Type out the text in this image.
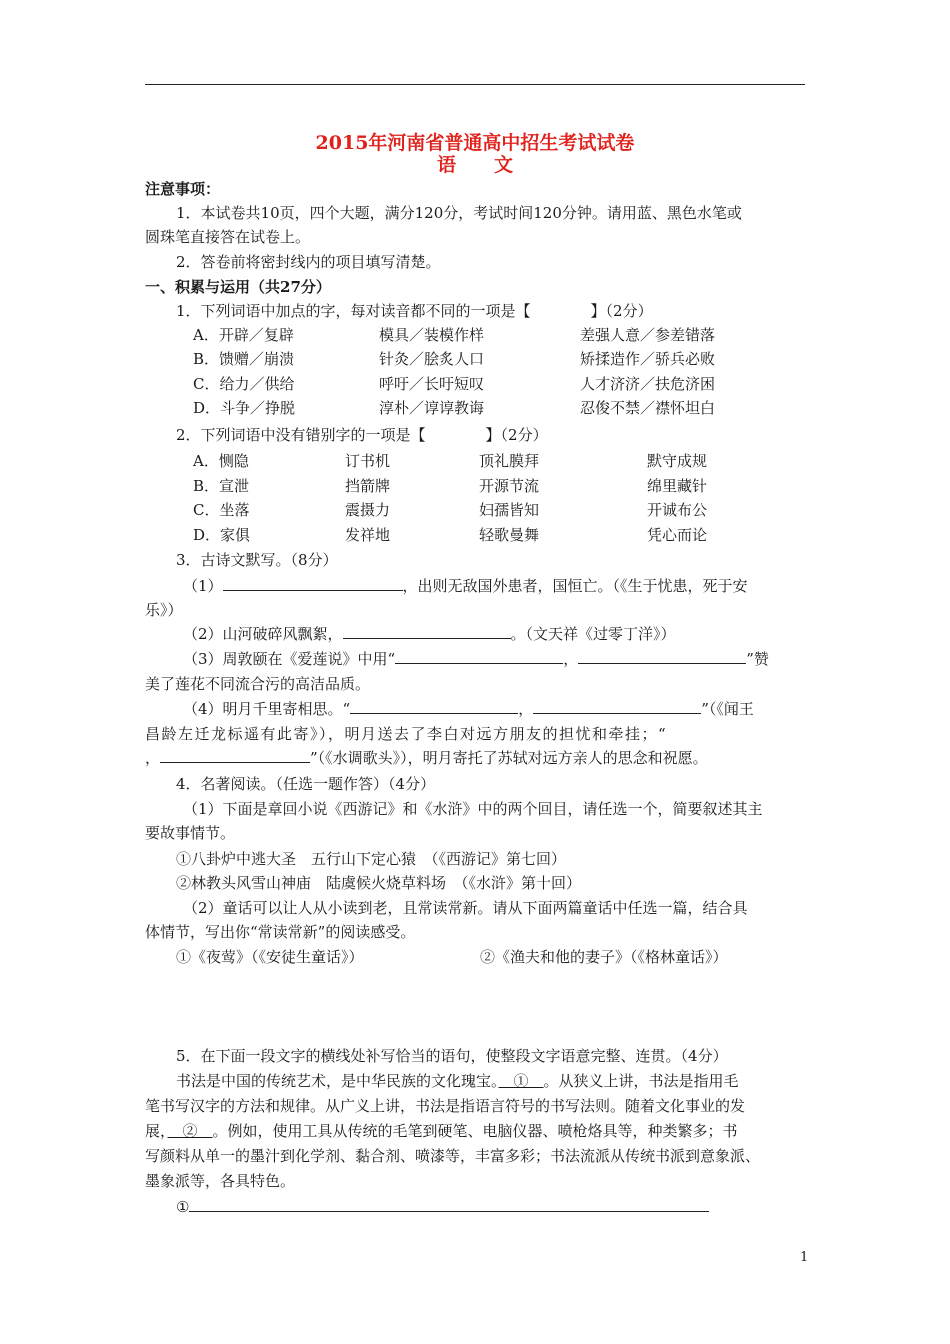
2015年河南省普通高中招生考试试卷
语　　文
注意事项：
1．本试卷共10页，四个大题，满分120分，考试时间120分钟。请用蓝、黑色水笔或
圆珠笔直接答在试卷上。
2．答卷前将密封线内的项目填写清楚。
一、积累与运用（共27分）
1．下列词语中加点的字，每对读音都不同的一项是【	】（2分）
A．开辟／复辟	模具／装模作样	差强人意／参差错落
B．馈赠／崩溃	针灸／脍炙人口	矫揉造作／骄兵必败
C．给力／供给	呼吁／长吁短叹	人才济济／扶危济困
D．斗争／挣脱	淳朴／谆谆教诲	忍俊不禁／襟怀坦白
2．下列词语中没有错别字的一项是【	】（2分）
A．恻隐	订书机	顶礼膜拜	默守成规
B．宣泄	挡箭牌	开源节流	绵里藏针
C．坐落	震摄力	妇孺皆知	开诚布公
D．家俱	发祥地	轻歌曼舞	凭心而论
3．古诗文默写。（8分）
（1）	，出则无敌国外患者，国恒亡。（《生于忧患，死于安
乐》）
（2）山河破碎风飘絮，	。（文天祥《过零丁洋》）
（3）周敦颐在《爱莲说》中用“	，	”赞
美了莲花不同流合污的高洁品质。
（4）明月千里寄相思。“	，	”（《闻王
昌龄左迁龙标遥有此寄》），明月送去了李白对远方朋友的担忧和牵挂；“
，	”（《水调歌头》），明月寄托了苏轼对远方亲人的思念和祝愿。
4．名著阅读。（任选一题作答）（4分）
（1）下面是章回小说《西游记》和《水浒》中的两个回目，请任选一个，简要叙述其主
要故事情节。
①八卦炉中逃大圣　五行山下定心猿　（《西游记》第七回）
②林教头风雪山神庙　陆虞候火烧草料场　（《水浒》第十回）
（2）童话可以让人从小读到老，且常读常新。请从下面两篇童话中任选一篇，结合具
体情节，写出你“常读常新”的阅读感受。
①《夜莺》（《安徒生童话》）	②《渔夫和他的妻子》（《格林童话》）
5．在下面一段文字的横线处补写恰当的语句，使整段文字语意完整、连贯。（4分）
书法是中国的传统艺术，是中华民族的文化瑰宝。　①　。从狭义上讲，书法是指用毛
笔书写汉字的方法和规律。从广义上讲，书法是指语言符号的书写法则。随着文化事业的发
展，　②　。例如，使用工具从传统的毛笔到硬笔、电脑仪器、喷枪烙具等，种类繁多；书
写颜料从单一的墨汁到化学剂、黏合剂、喷漆等，丰富多彩；书法流派从传统书派到意象派、
墨象派等，各具特色。
①
1
